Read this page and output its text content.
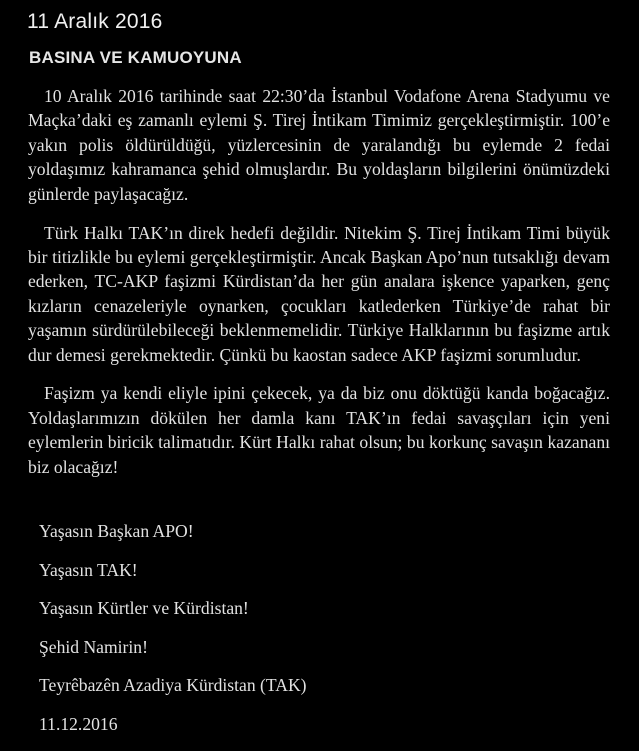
11 Aralık 2016
BASINA VE KAMUOYUNA

10 Aralık 2016 tarihinde saat 22:30’da İstanbul Vodafone Arena Stadyumu ve Maçka’daki eş zamanlı eylemi Ş. Tirej İntikam Timimiz gerçekleştirmiştir. 100’e yakın polis öldürüldüğü, yüzlercesinin de yaralandığı bu eylemde 2 fedai yoldaşımız kahramanca şehid olmuşlardır. Bu yoldaşların bilgilerini önümüzdeki günlerde paylaşacağız.

Türk Halkı TAK’ın direk hedefi değildir. Nitekim Ş. Tirej İntikam Timi büyük bir titizlikle bu eylemi gerçekleştirmiştir. Ancak Başkan Apo’nun tutsaklığı devam ederken, TC-AKP faşizmi Kürdistan’da her gün analara işkence yaparken, genç kızların cenazeleriyle oynarken, çocukları katlederken Türkiye’de rahat bir yaşamın sürdürülebileceği beklenmemelidir. Türkiye Halklarının bu faşizme artık dur demesi gerekmektedir. Çünkü bu kaostan sadece AKP faşizmi sorumludur.

Faşizm ya kendi eliyle ipini çekecek, ya da biz onu döktüğü kanda boğacağız. Yoldaşlarımızın dökülen her damla kanı TAK’ın fedai savaşçıları için yeni eylemlerin biricik talimatıdır. Kürt Halkı rahat olsun; bu korkunç savaşın kazananı biz olacağız!

Yaşasın Başkan APO!
Yaşasın TAK!
Yaşasın Kürtler ve Kürdistan!
Şehid Namirin!
Teyrêbazên Azadiya Kürdistan (TAK)
11.12.2016
